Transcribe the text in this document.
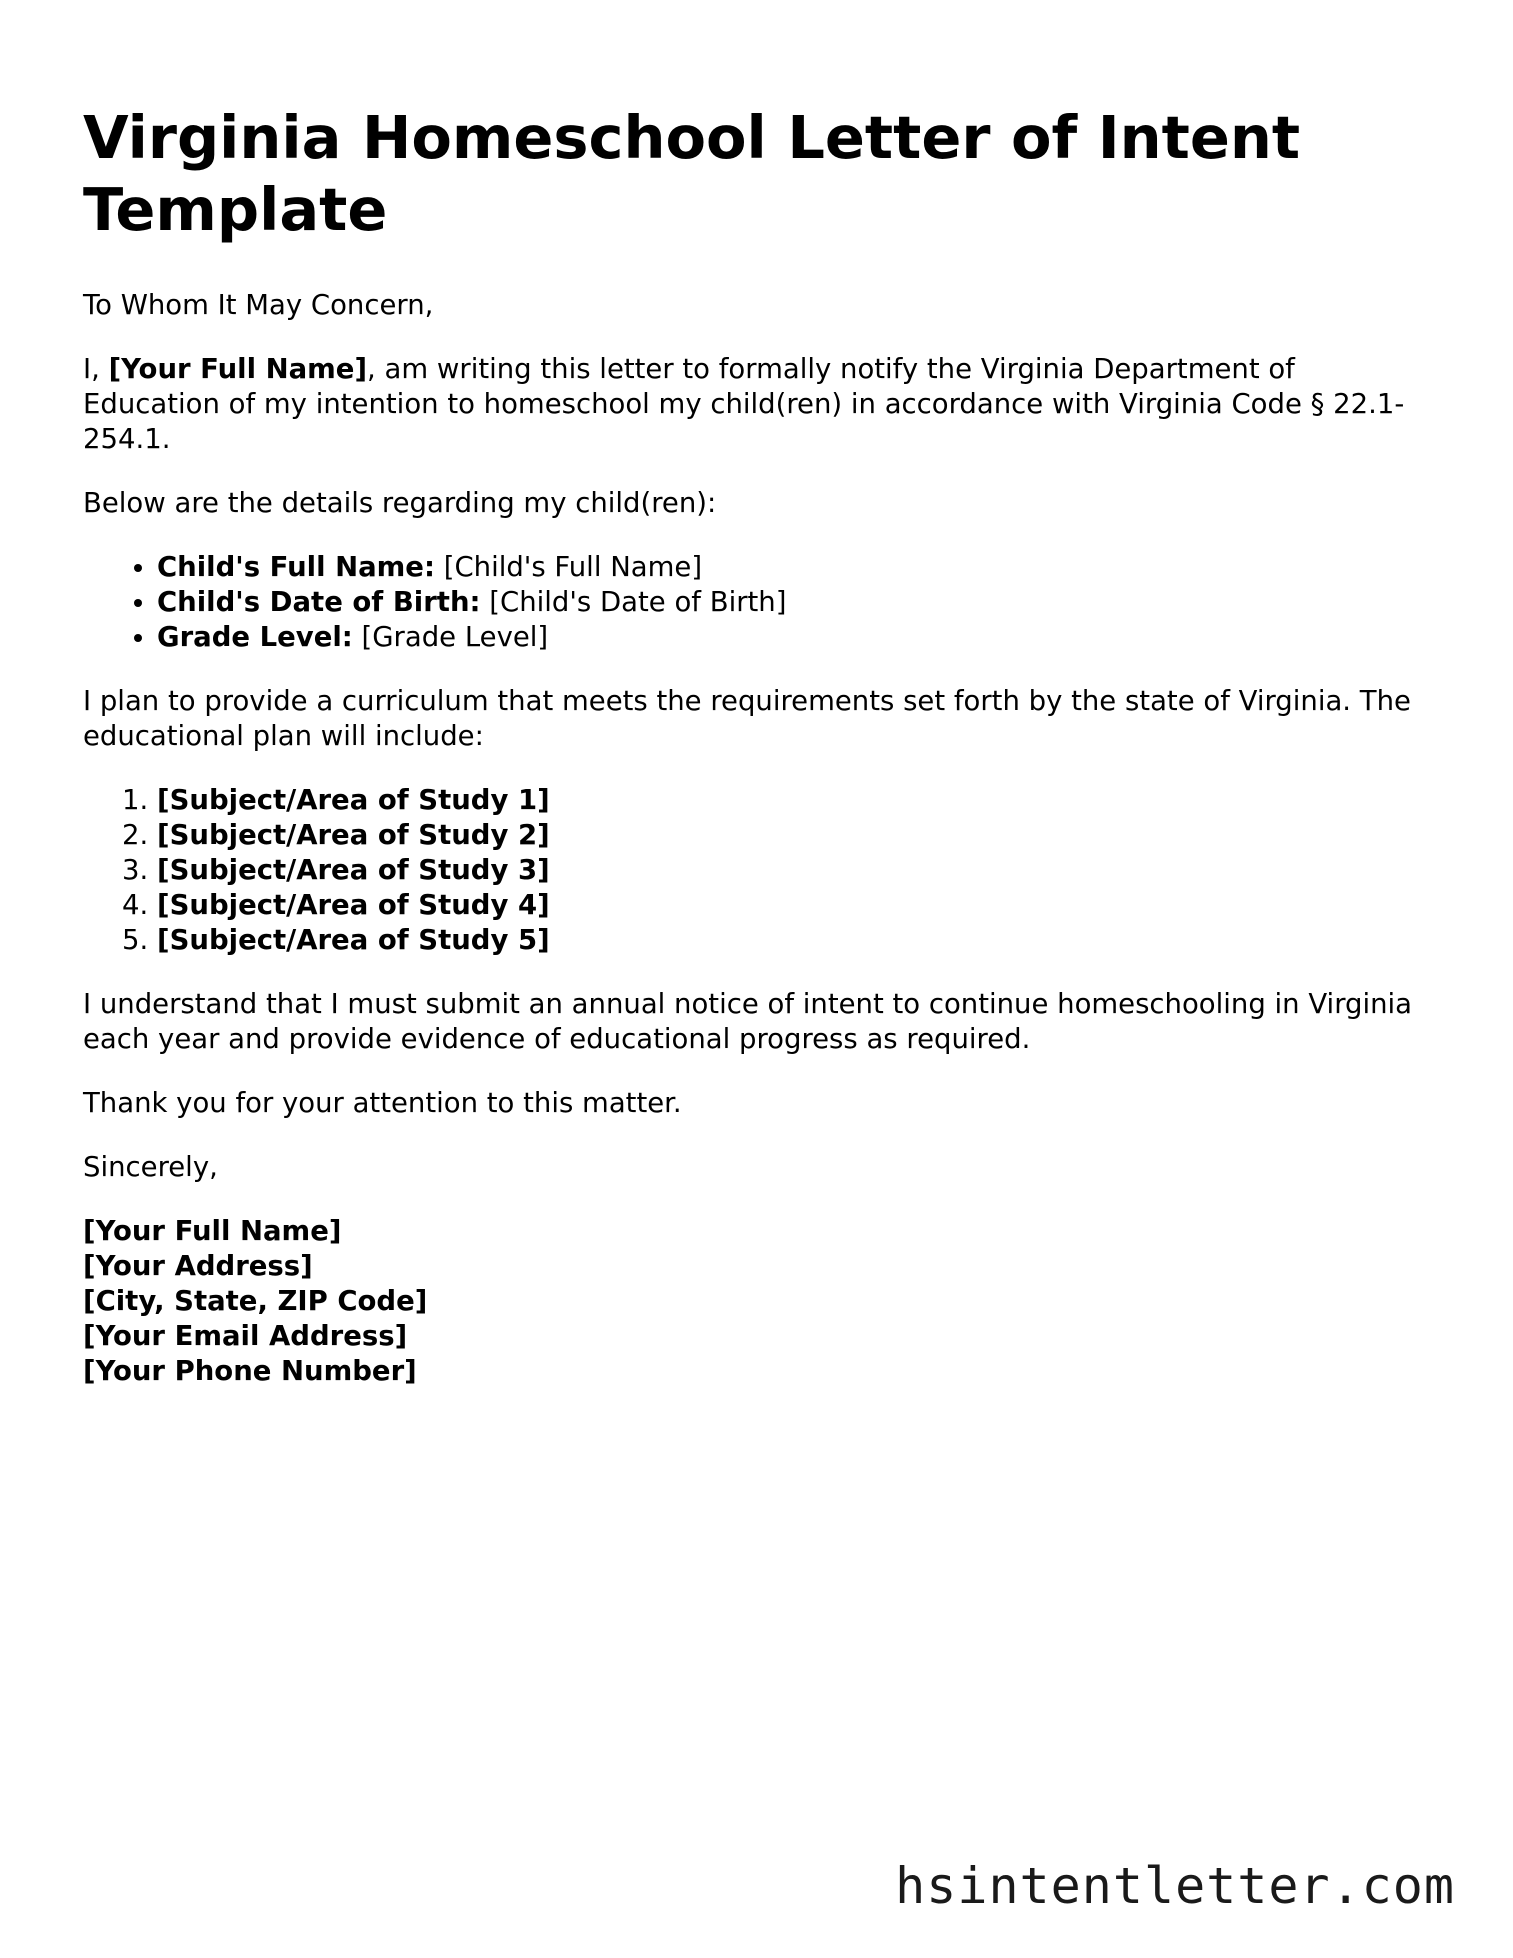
Virginia Homeschool Letter of Intent Template

To Whom It May Concern,

I, [Your Full Name], am writing this letter to formally notify the Virginia Department of Education of my intention to homeschool my child(ren) in accordance with Virginia Code § 22.1-254.1.

Below are the details regarding my child(ren):

• Child's Full Name: [Child's Full Name]
• Child's Date of Birth: [Child's Date of Birth]
• Grade Level: [Grade Level]

I plan to provide a curriculum that meets the requirements set forth by the state of Virginia. The educational plan will include:

1. [Subject/Area of Study 1]
2. [Subject/Area of Study 2]
3. [Subject/Area of Study 3]
4. [Subject/Area of Study 4]
5. [Subject/Area of Study 5]

I understand that I must submit an annual notice of intent to continue homeschooling in Virginia each year and provide evidence of educational progress as required.

Thank you for your attention to this matter.

Sincerely,

[Your Full Name]
[Your Address]
[City, State, ZIP Code]
[Your Email Address]
[Your Phone Number]
hsintentletter.com
